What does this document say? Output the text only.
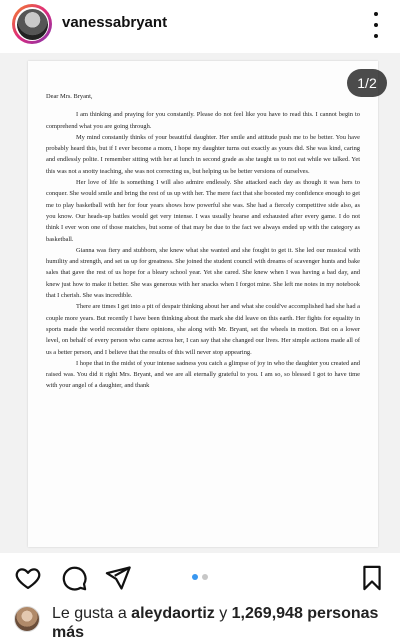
vanessabryant

Dear Mrs. Bryant,

I am thinking and praying for you constantly. Please do not feel like you have to read this. I cannot begin to comprehend what you are going through.

My mind constantly thinks of your beautiful daughter. Her smile and attitude push me to be better. You have probably heard this, but if I ever become a mom, I hope my daughter turns out exactly as yours did. She was kind, caring and endlessly polite. I remember sitting with her at lunch in second grade as she taught us to not eat while we talked. Yet this was not a snotty teaching, she was not correcting us, but helping us be better versions of ourselves.

Her love of life is something I will also admire endlessly. She attacked each day as though it was hers to conquer. She would smile and bring the rest of us up with her. The mere fact that she boosted my confidence enough to get me to play basketball with her for four years shows how powerful she was. She had a fiercely competitive side also, as you know. Our heads-up battles would get very intense. I was usually hearse and exhausted after every game. I do not think I ever won one of those matches, but some of that may be due to the fact we always ended up with the category as basketball.

Gianna was fiery and stubborn, she knew what she wanted and she fought to get it. She led our musical with humility and strength, and set us up for greatness. She joined the student council with dreams of scavenger hunts and bake sales that gave the rest of us hope for a bleary school year. Yet she cared. She knew when I was having a bad day, and knew just how to make it better. She was generous with her snacks when I forgot mine. She left me notes in my notebook that I cherish. She was incredible.

There are times I get into a pit of despair thinking about her and what she could've accomplished had she had a couple more years. But recently I have been thinking about the mark she did leave on this earth. Her fights for equality in sports made the world reconsider there opinions, she along with Mr. Bryant, set the wheels in motion. But on a lower level, on behalf of every person who came across her, I can say that she changed our lives. Her simple actions made all of us a better person, and I believe that the results of this will never stop appearing.

I hope that in the midst of your intense sadness you catch a glimpse of joy in who the daughter you created and raised was. You did it right Mrs. Bryant, and we are all eternally grateful to you. I am so, so blessed I got to have time with your angel of a daughter, and thank

1/2
Le gusta a aleydaortiz y 1,269,948 personas
más
